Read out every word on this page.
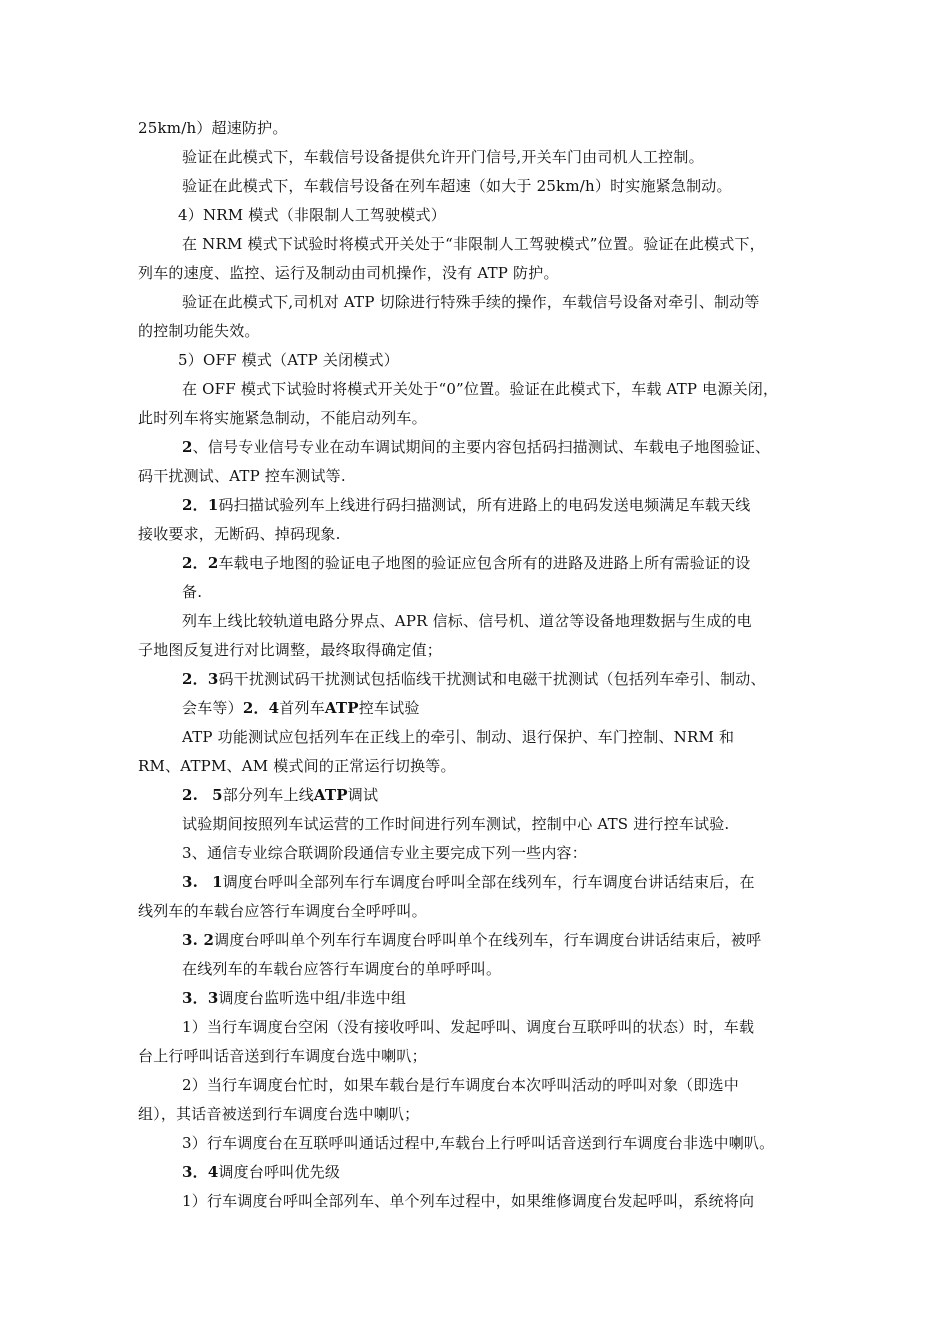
25km/h）超速防护。
验证在此模式下，车载信号设备提供允许开门信号,开关车门由司机人工控制。
验证在此模式下，车载信号设备在列车超速（如大于 25km/h）时实施紧急制动。
4）NRM 模式（非限制人工驾驶模式）
在 NRM 模式下试验时将模式开关处于“非限制人工驾驶模式”位置。验证在此模式下，
列车的速度、监控、运行及制动由司机操作，没有 ATP 防护。
验证在此模式下,司机对 ATP 切除进行特殊手续的操作，车载信号设备对牵引、制动等
的控制功能失效。
5）OFF 模式（ATP 关闭模式）
在 OFF 模式下试验时将模式开关处于“0”位置。验证在此模式下，车载 ATP 电源关闭，
此时列车将实施紧急制动，不能启动列车。
2、信号专业信号专业在动车调试期间的主要内容包括码扫描测试、车载电子地图验证、
码干扰测试、ATP 控车测试等.
2．1码扫描试验列车上线进行码扫描测试，所有进路上的电码发送电频满足车载天线
接收要求，无断码、掉码现象.
2．2车载电子地图的验证电子地图的验证应包含所有的进路及进路上所有需验证的设
备.
列车上线比较轨道电路分界点、APR 信标、信号机、道岔等设备地理数据与生成的电
子地图反复进行对比调整，最终取得确定值；
2．3码干扰测试码干扰测试包括临线干扰测试和电磁干扰测试（包括列车牵引、制动、
会车等）2．4首列车ATP控车试验
ATP 功能测试应包括列车在正线上的牵引、制动、退行保护、车门控制、NRM 和
RM、ATPM、AM 模式间的正常运行切换等。
2. 5部分列车上线ATP调试
试验期间按照列车试运营的工作时间进行列车测试，控制中心 ATS 进行控车试验.
3、通信专业综合联调阶段通信专业主要完成下列一些内容：
3. 1调度台呼叫全部列车行车调度台呼叫全部在线列车，行车调度台讲话结束后，在
线列车的车载台应答行车调度台全呼呼叫。
3. 2调度台呼叫单个列车行车调度台呼叫单个在线列车，行车调度台讲话结束后，被呼
在线列车的车载台应答行车调度台的单呼呼叫。
3．3调度台监听选中组/非选中组
1）当行车调度台空闲（没有接收呼叫、发起呼叫、调度台互联呼叫的状态）时，车载
台上行呼叫话音送到行车调度台选中喇叭；
2）当行车调度台忙时，如果车载台是行车调度台本次呼叫活动的呼叫对象（即选中
组），其话音被送到行车调度台选中喇叭；
3）行车调度台在互联呼叫通话过程中,车载台上行呼叫话音送到行车调度台非选中喇叭。
3．4调度台呼叫优先级
1）行车调度台呼叫全部列车、单个列车过程中，如果维修调度台发起呼叫，系统将向
